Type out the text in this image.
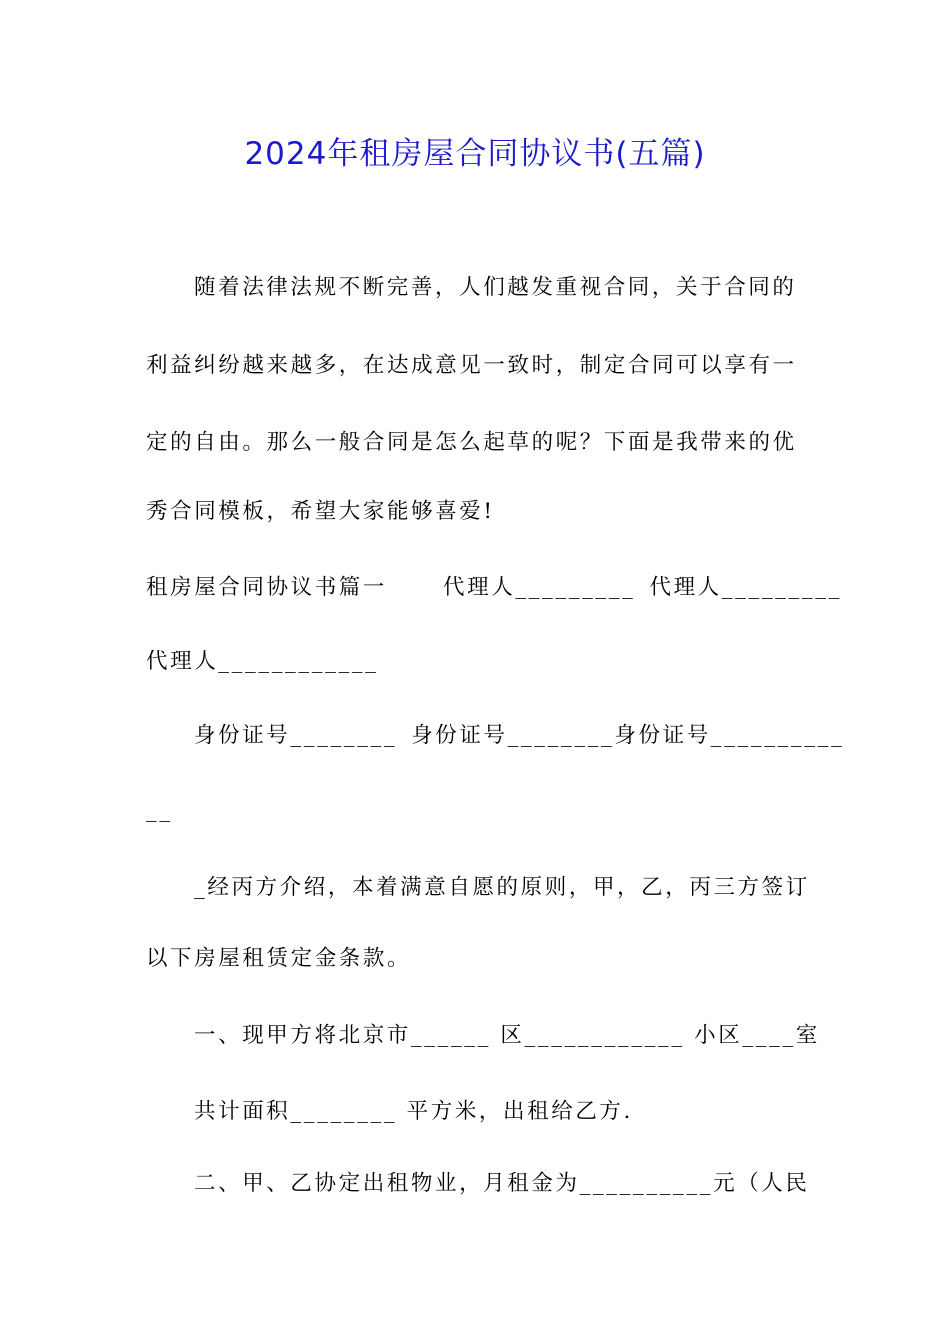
2024年租房屋合同协议书(五篇)
随着法律法规不断完善，人们越发重视合同，关于合同的
利益纠纷越来越多，在达成意见一致时，制定合同可以享有一
定的自由。那么一般合同是怎么起草的呢？下面是我带来的优
秀合同模板，希望大家能够喜爱!
租房屋合同协议书篇一	代理人_________ 代理人_________
代理人____________
身份证号________ 身份证号________身份证号__________
__
_经丙方介绍，本着满意自愿的原则，甲，乙，丙三方签订
以下房屋租赁定金条款。
一、现甲方将北京市______ 区____________ 小区____室
共计面积________ 平方米，出租给乙方.
二、甲、乙协定出租物业，月租金为__________元（人民
